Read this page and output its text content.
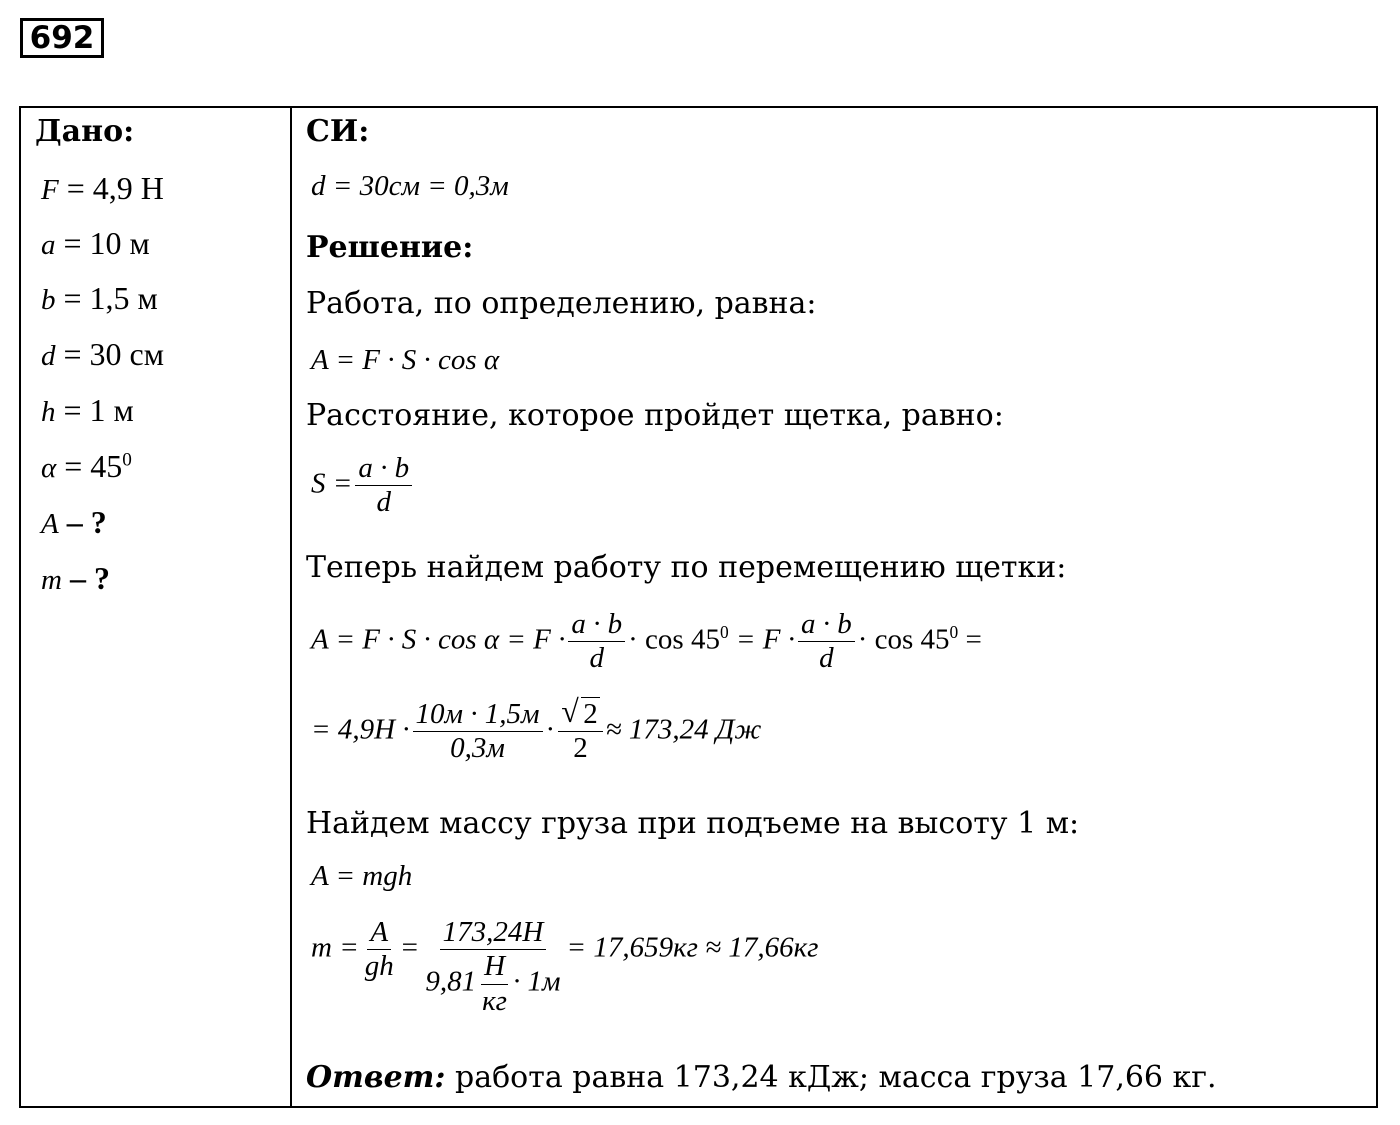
692
Дано:
F = 4,9 Н
a = 10 м
b = 1,5 м
d = 30 см
h = 1 м
$\alpha = 45^0$
A – ?
m – ?
СИ:
d = 30см = 0,3м
Решение:
Работа, по определению, равна:
A = F · S · cos α
Расстояние, которое пройдет щетка, равно:
$S = \frac{a \cdot b}{d}$
Теперь найдем работу по перемещению щетки:
$A = F \cdot S \cdot \cos \alpha = F \cdot \frac{a \cdot b}{d} \cdot \cos 45^0 = F \cdot \frac{a \cdot b}{d} \cdot \cos 45^0$ =
= $4,9H \cdot \frac{10м \cdot 1,5м}{0,3м}$ ·
√ $\frac{2}{2} \approx 173,24$ Дж
Найдем массу груза при подъеме на высоту 1 м:
A = mgh
$m = \frac{A}{gh} = \frac{173,24H}{9,81 \frac{H}{кг} \cdot 1м} = 17,659кг \approx 17,66кг$
Ответ: работа равна 173,24 кДж; масса груза 17,66 кг.
